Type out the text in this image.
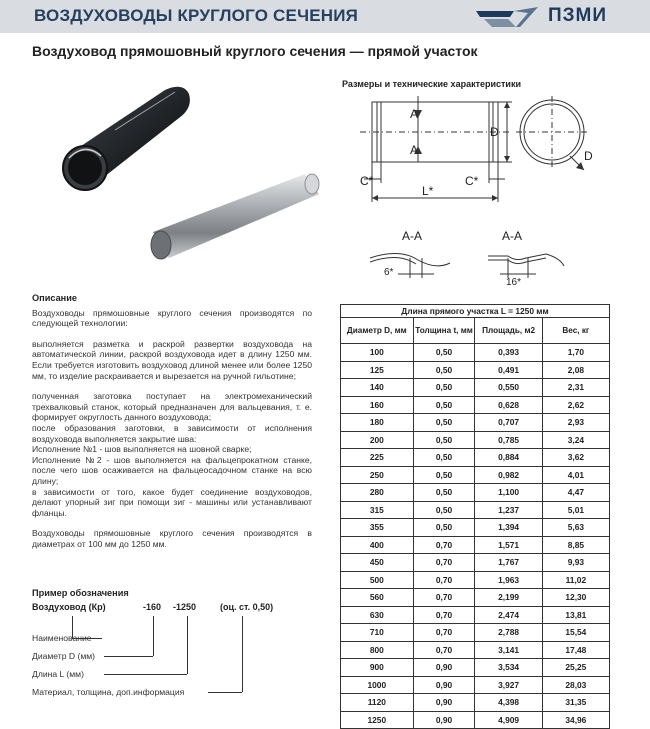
ВОЗДУХОВОДЫ КРУГЛОГО СЕЧЕНИЯ	ПЗМИ
Воздуховод прямошовный круглого сечения — прямой участок
Размеры и технические характеристики
A
A
D
D
C*	C*
L*
A-A	A-A
6*
16*

Описание

Воздуховоды прямошовные круглого сечения производятся по следующей технологии:

выполняется разметка и раскрой развертки воздуховода на автоматической линии, раскрой воздуховода идет в длину 1250 мм. Если требуется изготовить воздуховод длиной менее или более 1250 мм, то изделие раскраивается и вырезается на ручной гильотине;

полученная заготовка поступает на электромеханический трехвалковый станок, который предназначен для вальцевания, т. е. формирует округлость данного воздуховода;

после образования заготовки, в зависимости от исполнения воздуховода выполняется закрытие шва:

Исполнение №1 - шов выполняется на шовной сварке;

Исполнение №2 - шов выполняется на фальцепрокатном станке, после чего шов осаживается на фальцеосадочном станке на всю длину;

в зависимости от того, какое будет соединение воздуховодов, делают упорный зиг при помощи зиг - машины или устанавливают фланцы.

Воздуховоды прямошовные круглого сечения производятся в диаметрах от 100 мм до 1250 мм.

Пример обозначения
Воздуховод (Кр)	-160 -1250	(оц. ст. 0,50)
Наименование
Диаметр D (мм)
Длина L (мм)
Материал, толщина, доп.информация
Длина прямого участка L = 1250 мм			
Диаметр D, мм	Толщина t, мм	Площадь, м2	Вес, кг
100	0,50	0,393	1,70
125	0,50	0,491	2,08
140	0,50	0,550	2,31
160	0,50	0,628	2,62
180	0,50	0,707	2,93
200	0,50	0,785	3,24
225	0,50	0,884	3,62
250	0,50	0,982	4,01
280	0,50	1,100	4,47
315	0,50	1,237	5,01
355	0,50	1,394	5,63
400	0,70	1,571	8,85
450	0,70	1,767	9,93
500	0,70	1,963	11,02
560	0,70	2,199	12,30
630	0,70	2,474	13,81
710	0,70	2,788	15,54
800	0,70	3,141	17,48
900	0,90	3,534	25,25
1000	0,90	3,927	28,03
1120	0,90	4,398	31,35
1250	0,90	4,909	34,96
